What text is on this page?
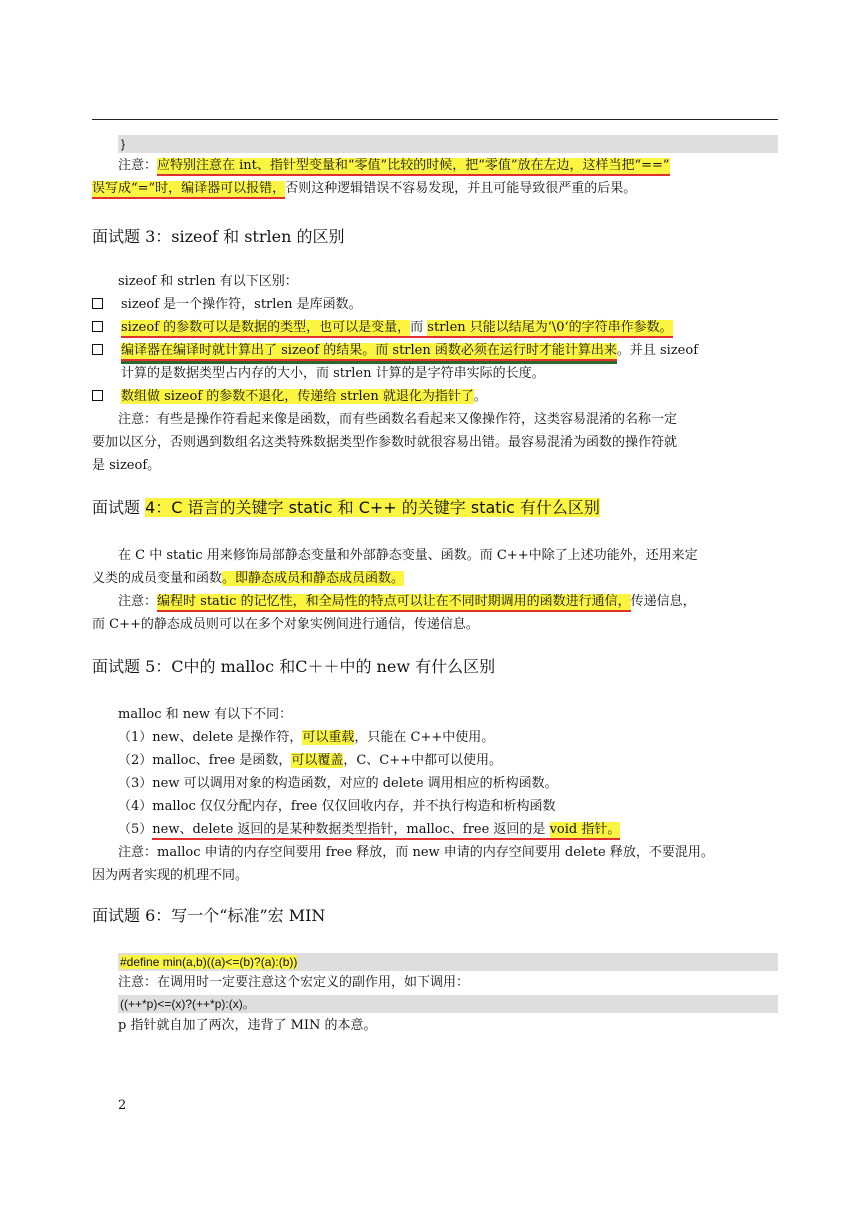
}
注意：应特别注意在 int、指针型变量和“零值”比较的时候，把“零值”放在左边，这样当把“==”
误写成“=”时，编译器可以报错，否则这种逻辑错误不容易发现，并且可能导致很严重的后果。
面试题 3：sizeof 和 strlen 的区别
sizeof 和 strlen 有以下区别：
sizeof 是一个操作符，strlen 是库函数。
sizeof 的参数可以是数据的类型，也可以是变量，而 strlen 只能以结尾为‘\0‘的字符串作参数。
编译器在编译时就计算出了 sizeof 的结果。而 strlen 函数必须在运行时才能计算出来。并且 sizeof
计算的是数据类型占内存的大小，而 strlen 计算的是字符串实际的长度。
数组做 sizeof 的参数不退化，传递给 strlen 就退化为指针了。
注意：有些是操作符看起来像是函数，而有些函数名看起来又像操作符，这类容易混淆的名称一定
要加以区分，否则遇到数组名这类特殊数据类型作参数时就很容易出错。最容易混淆为函数的操作符就
是 sizeof。
面试题 4：C 语言的关键字 static 和 C++ 的关键字 static 有什么区别
在 C 中 static 用来修饰局部静态变量和外部静态变量、函数。而 C++中除了上述功能外，还用来定
义类的成员变量和函数。即静态成员和静态成员函数。
注意：编程时 static 的记忆性，和全局性的特点可以让在不同时期调用的函数进行通信，传递信息，
而 C++的静态成员则可以在多个对象实例间进行通信，传递信息。
面试题 5：C中的 malloc 和C＋＋中的 new 有什么区别
malloc 和 new 有以下不同：
（1）new、delete 是操作符，可以重载，只能在 C++中使用。
（2）malloc、free 是函数，可以覆盖，C、C++中都可以使用。
（3）new 可以调用对象的构造函数，对应的 delete 调用相应的析构函数。
（4）malloc 仅仅分配内存，free 仅仅回收内存，并不执行构造和析构函数
（5）new、delete 返回的是某种数据类型指针，malloc、free 返回的是 void 指针。
注意：malloc 申请的内存空间要用 free 释放，而 new 申请的内存空间要用 delete 释放，不要混用。
因为两者实现的机理不同。
面试题 6：写一个“标准”宏 MIN
#define min(a,b)((a)<=(b)?(a):(b))
注意：在调用时一定要注意这个宏定义的副作用，如下调用：
((++*p)<=(x)?(++*p):(x)。
p 指针就自加了两次，违背了 MIN 的本意。
2
